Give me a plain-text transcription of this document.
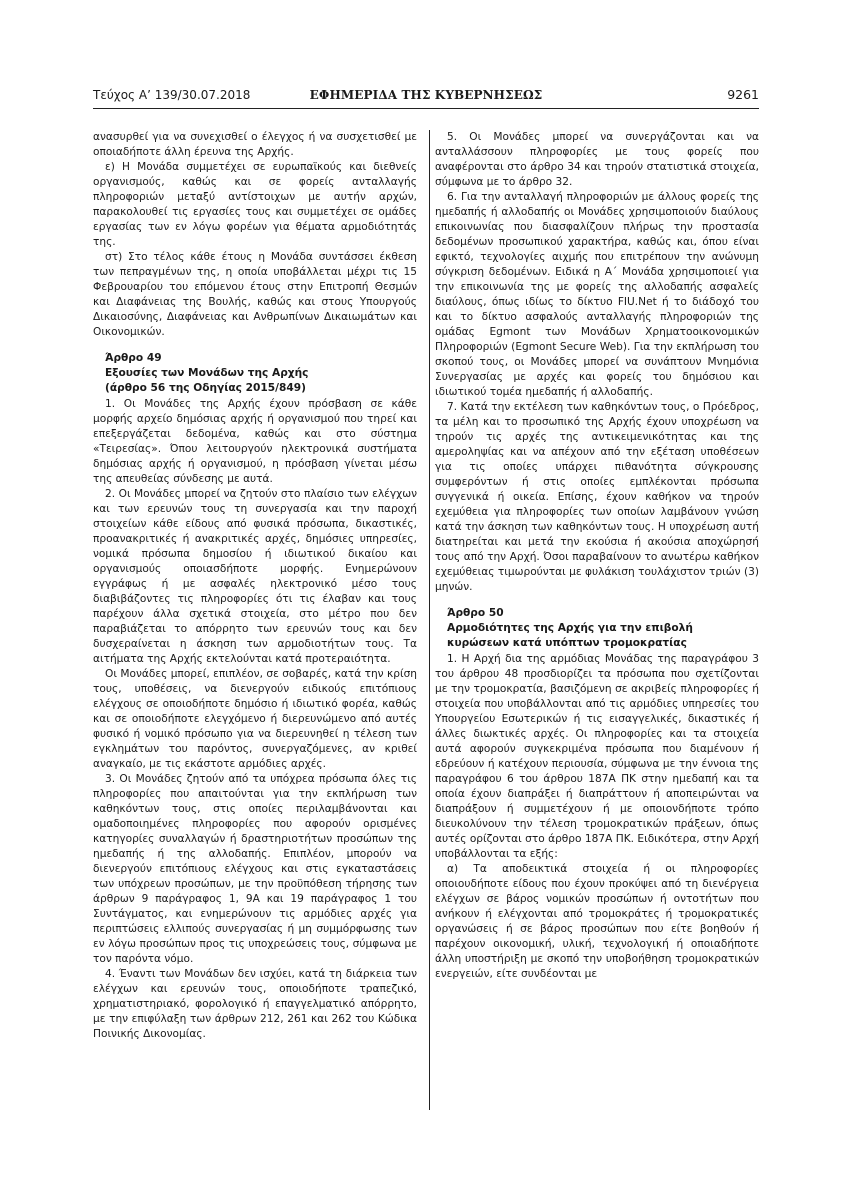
Τεύχος Α’ 139/30.07.2018	ΕΦΗΜΕΡΙΔΑ ΤΗΣ ΚΥΒΕΡΝΗΣΕΩΣ	9261

ανασυρθεί για να συνεχισθεί ο έλεγχος ή να συσχετισθεί με οποιαδήποτε άλλη έρευνα της Αρχής.

ε) Η Μονάδα συμμετέχει σε ευρωπαϊκούς και διεθνείς οργανισμούς, καθώς και σε φορείς ανταλλαγής πληροφοριών μεταξύ αντίστοιχων με αυτήν αρχών, παρακολουθεί τις εργασίες τους και συμμετέχει σε ομάδες εργασίας των εν λόγω φορέων για θέματα αρμοδιότητάς της.

στ) Στο τέλος κάθε έτους η Μονάδα συντάσσει έκθεση των πεπραγμένων της, η οποία υποβάλλεται μέχρι τις 15 Φεβρουαρίου του επόμενου έτους στην Επιτροπή Θεσμών και Διαφάνειας της Βουλής, καθώς και στους Υπουργούς Δικαιοσύνης, Διαφάνειας και Ανθρωπίνων Δικαιωμάτων και Οικονομικών.

Άρθρο 49
Εξουσίες των Μονάδων της Αρχής
(άρθρο 56 της Οδηγίας 2015/849)

1. Οι Μονάδες της Αρχής έχουν πρόσβαση σε κάθε μορφής αρχείο δημόσιας αρχής ή οργανισμού που τηρεί και επεξεργάζεται δεδομένα, καθώς και στο σύστημα «Τειρεσίας». Όπου λειτουργούν ηλεκτρονικά συστήματα δημόσιας αρχής ή οργανισμού, η πρόσβαση γίνεται μέσω της απευθείας σύνδεσης με αυτά.

2. Οι Μονάδες μπορεί να ζητούν στο πλαίσιο των ελέγχων και των ερευνών τους τη συνεργασία και την παροχή στοιχείων κάθε είδους από φυσικά πρόσωπα, δικαστικές, προανακριτικές ή ανακριτικές αρχές, δημόσιες υπηρεσίες, νομικά πρόσωπα δημοσίου ή ιδιωτικού δικαίου και οργανισμούς οποιασδήποτε μορφής. Ενημερώνουν εγγράφως ή με ασφαλές ηλεκτρονικό μέσο τους διαβιβάζοντες τις πληροφορίες ότι τις έλαβαν και τους παρέχουν άλλα σχετικά στοιχεία, στο μέτρο που δεν παραβιάζεται το απόρρητο των ερευνών τους και δεν δυσχεραίνεται η άσκηση των αρμοδιοτήτων τους. Τα αιτήματα της Αρχής εκτελούνται κατά προτεραιότητα.

Οι Μονάδες μπορεί, επιπλέον, σε σοβαρές, κατά την κρίση τους, υποθέσεις, να διενεργούν ειδικούς επιτόπιους ελέγχους σε οποιοδήποτε δημόσιο ή ιδιωτικό φορέα, καθώς και σε οποιοδήποτε ελεγχόμενο ή διερευνώμενο από αυτές φυσικό ή νομικό πρόσωπο για να διερευνηθεί η τέλεση των εγκλημάτων του παρόντος, συνεργαζόμενες, αν κριθεί αναγκαίο, με τις εκάστοτε αρμόδιες αρχές.

3. Οι Μονάδες ζητούν από τα υπόχρεα πρόσωπα όλες τις πληροφορίες που απαιτούνται για την εκπλήρωση των καθηκόντων τους, στις οποίες περιλαμβάνονται και ομαδοποιημένες πληροφορίες που αφορούν ορισμένες κατηγορίες συναλλαγών ή δραστηριοτήτων προσώπων της ημεδαπής ή της αλλοδαπής. Επιπλέον, μπορούν να διενεργούν επιτόπιους ελέγχους και στις εγκαταστάσεις των υπόχρεων προσώπων, με την προϋπόθεση τήρησης των άρθρων 9 παράγραφος 1, 9Α και 19 παράγραφος 1 του Συντάγματος, και ενημερώνουν τις αρμόδιες αρχές για περιπτώσεις ελλιπούς συνεργασίας ή μη συμμόρφωσης των εν λόγω προσώπων προς τις υποχρεώσεις τους, σύμφωνα με τον παρόντα νόμο.

4. Έναντι των Μονάδων δεν ισχύει, κατά τη διάρκεια των ελέγχων και ερευνών τους, οποιοδήποτε τραπεζικό, χρηματιστηριακό, φορολογικό ή επαγγελματικό απόρρητο, με την επιφύλαξη των άρθρων 212, 261 και 262 του Κώδικα Ποινικής Δικονομίας.

5. Οι Μονάδες μπορεί να συνεργάζονται και να ανταλλάσσουν πληροφορίες με τους φορείς που αναφέρονται στο άρθρο 34 και τηρούν στατιστικά στοιχεία, σύμφωνα με το άρθρο 32.

6. Για την ανταλλαγή πληροφοριών με άλλους φορείς της ημεδαπής ή αλλοδαπής οι Μονάδες χρησιμοποιούν διαύλους επικοινωνίας που διασφαλίζουν πλήρως την προστασία δεδομένων προσωπικού χαρακτήρα, καθώς και, όπου είναι εφικτό, τεχνολογίες αιχμής που επιτρέπουν την ανώνυμη σύγκριση δεδομένων. Ειδικά η Α΄ Μονάδα χρησιμοποιεί για την επικοινωνία της με φορείς της αλλοδαπής ασφαλείς διαύλους, όπως ιδίως το δίκτυο FIU.Net ή το διάδοχό του και το δίκτυο ασφαλούς ανταλλαγής πληροφοριών της ομάδας Egmont των Μονάδων Χρηματοοικονομικών Πληροφοριών (Egmont Secure Web). Για την εκπλήρωση του σκοπού τους, οι Μονάδες μπορεί να συνάπτουν Μνημόνια Συνεργασίας με αρχές και φορείς του δημόσιου και ιδιωτικού τομέα ημεδαπής ή αλλοδαπής.

7. Κατά την εκτέλεση των καθηκόντων τους, ο Πρόεδρος, τα μέλη και το προσωπικό της Αρχής έχουν υποχρέωση να τηρούν τις αρχές της αντικειμενικότητας και της αμεροληψίας και να απέχουν από την εξέταση υποθέσεων για τις οποίες υπάρχει πιθανότητα σύγκρουσης συμφερόντων ή στις οποίες εμπλέκονται πρόσωπα συγγενικά ή οικεία. Επίσης, έχουν καθήκον να τηρούν εχεμύθεια για πληροφορίες των οποίων λαμβάνουν γνώση κατά την άσκηση των καθηκόντων τους. Η υποχρέωση αυτή διατηρείται και μετά την εκούσια ή ακούσια αποχώρησή τους από την Αρχή. Όσοι παραβαίνουν το ανωτέρω καθήκον εχεμύθειας τιμωρούνται με φυλάκιση τουλάχιστον τριών (3) μηνών.

Άρθρο 50
Αρμοδιότητες της Αρχής για την επιβολή
κυρώσεων κατά υπόπτων τρομοκρατίας

1. Η Αρχή δια της αρμόδιας Μονάδας της παραγράφου 3 του άρθρου 48 προσδιορίζει τα πρόσωπα που σχετίζονται με την τρομοκρατία, βασιζόμενη σε ακριβείς πληροφορίες ή στοιχεία που υποβάλλονται από τις αρμόδιες υπηρεσίες του Υπουργείου Εσωτερικών ή τις εισαγγελικές, δικαστικές ή άλλες διωκτικές αρχές. Οι πληροφορίες και τα στοιχεία αυτά αφορούν συγκεκριμένα πρόσωπα που διαμένουν ή εδρεύουν ή κατέχουν περιουσία, σύμφωνα με την έννοια της παραγράφου 6 του άρθρου 187Α ΠΚ στην ημεδαπή και τα οποία έχουν διαπράξει ή διαπράττουν ή αποπειρώνται να διαπράξουν ή συμμετέχουν ή με οποιονδήποτε τρόπο διευκολύνουν την τέλεση τρομοκρατικών πράξεων, όπως αυτές ορίζονται στο άρθρο 187Α ΠΚ. Ειδικότερα, στην Αρχή υποβάλλονται τα εξής:

α) Τα αποδεικτικά στοιχεία ή οι πληροφορίες οποιουδήποτε είδους που έχουν προκύψει από τη διενέργεια ελέγχων σε βάρος νομικών προσώπων ή οντοτήτων που ανήκουν ή ελέγχονται από τρομοκράτες ή τρομοκρατικές οργανώσεις ή σε βάρος προσώπων που είτε βοηθούν ή παρέχουν οικονομική, υλική, τεχνολογική ή οποιαδήποτε άλλη υποστήριξη με σκοπό την υποβοήθηση τρομοκρατικών ενεργειών, είτε συνδέονται με
